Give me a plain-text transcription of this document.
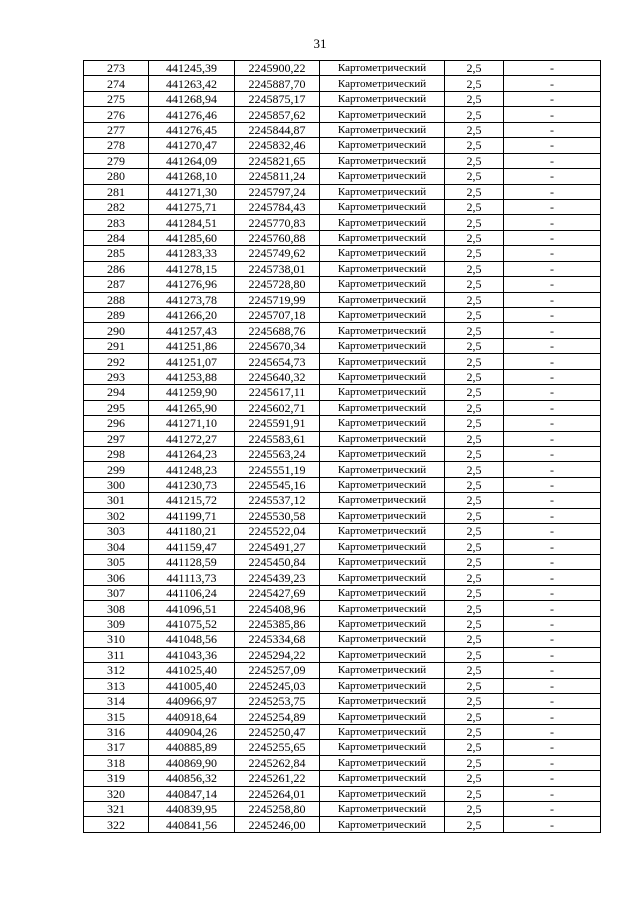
31
273	441245,39	2245900,22	Картометрический	2,5	-
274	441263,42	2245887,70	Картометрический	2,5	-
275	441268,94	2245875,17	Картометрический	2,5	-
276	441276,46	2245857,62	Картометрический	2,5	-
277	441276,45	2245844,87	Картометрический	2,5	-
278	441270,47	2245832,46	Картометрический	2,5	-
279	441264,09	2245821,65	Картометрический	2,5	-
280	441268,10	2245811,24	Картометрический	2,5	-
281	441271,30	2245797,24	Картометрический	2,5	-
282	441275,71	2245784,43	Картометрический	2,5	-
283	441284,51	2245770,83	Картометрический	2,5	-
284	441285,60	2245760,88	Картометрический	2,5	-
285	441283,33	2245749,62	Картометрический	2,5	-
286	441278,15	2245738,01	Картометрический	2,5	-
287	441276,96	2245728,80	Картометрический	2,5	-
288	441273,78	2245719,99	Картометрический	2,5	-
289	441266,20	2245707,18	Картометрический	2,5	-
290	441257,43	2245688,76	Картометрический	2,5	-
291	441251,86	2245670,34	Картометрический	2,5	-
292	441251,07	2245654,73	Картометрический	2,5	-
293	441253,88	2245640,32	Картометрический	2,5	-
294	441259,90	2245617,11	Картометрический	2,5	-
295	441265,90	2245602,71	Картометрический	2,5	-
296	441271,10	2245591,91	Картометрический	2,5	-
297	441272,27	2245583,61	Картометрический	2,5	-
298	441264,23	2245563,24	Картометрический	2,5	-
299	441248,23	2245551,19	Картометрический	2,5	-
300	441230,73	2245545,16	Картометрический	2,5	-
301	441215,72	2245537,12	Картометрический	2,5	-
302	441199,71	2245530,58	Картометрический	2,5	-
303	441180,21	2245522,04	Картометрический	2,5	-
304	441159,47	2245491,27	Картометрический	2,5	-
305	441128,59	2245450,84	Картометрический	2,5	-
306	441113,73	2245439,23	Картометрический	2,5	-
307	441106,24	2245427,69	Картометрический	2,5	-
308	441096,51	2245408,96	Картометрический	2,5	-
309	441075,52	2245385,86	Картометрический	2,5	-
310	441048,56	2245334,68	Картометрический	2,5	-
311	441043,36	2245294,22	Картометрический	2,5	-
312	441025,40	2245257,09	Картометрический	2,5	-
313	441005,40	2245245,03	Картометрический	2,5	-
314	440966,97	2245253,75	Картометрический	2,5	-
315	440918,64	2245254,89	Картометрический	2,5	-
316	440904,26	2245250,47	Картометрический	2,5	-
317	440885,89	2245255,65	Картометрический	2,5	-
318	440869,90	2245262,84	Картометрический	2,5	-
319	440856,32	2245261,22	Картометрический	2,5	-
320	440847,14	2245264,01	Картометрический	2,5	-
321	440839,95	2245258,80	Картометрический	2,5	-
322	440841,56	2245246,00	Картометрический	2,5	-
